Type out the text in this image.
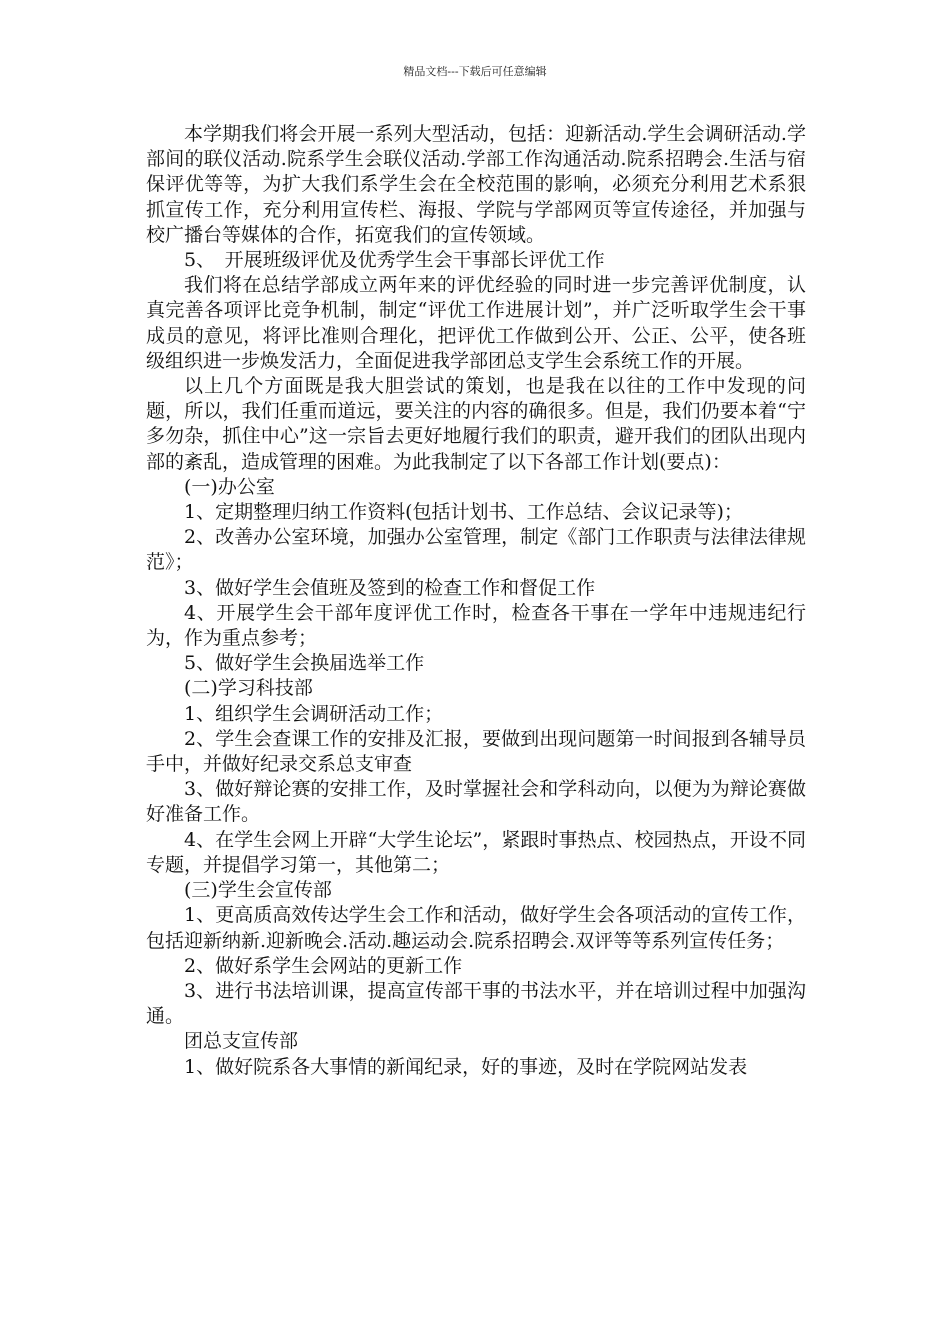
精品文档---下载后可任意编辑

本学期我们将会开展一系列大型活动，包括：迎新活动.学生会调研活动.学部间的联仪活动.院系学生会联仪活动.学部工作沟通活动.院系招聘会.生活与宿保评优等等，为扩大我们系学生会在全校范围的影响，必须充分利用艺术系狠抓宣传工作，充分利用宣传栏、海报、学院与学部网页等宣传途径，并加强与校广播台等媒体的合作，拓宽我们的宣传领域。

5、　开展班级评优及优秀学生会干事部长评优工作

我们将在总结学部成立两年来的评优经验的同时进一步完善评优制度，认真完善各项评比竞争机制，制定“评优工作进展计划”，并广泛听取学生会干事成员的意见，将评比准则合理化，把评优工作做到公开、公正、公平，使各班级组织进一步焕发活力，全面促进我学部团总支学生会系统工作的开展。

以上几个方面既是我大胆尝试的策划，也是我在以往的工作中发现的问题，所以，我们任重而道远，要关注的内容的确很多。但是，我们仍要本着“宁多勿杂，抓住中心”这一宗旨去更好地履行我们的职责，避开我们的团队出现内部的紊乱，造成管理的困难。为此我制定了以下各部工作计划(要点)：

(一)办公室

1、定期整理归纳工作资料(包括计划书、工作总结、会议记录等)；

2、改善办公室环境，加强办公室管理，制定《部门工作职责与法律法律规范》；

3、做好学生会值班及签到的检查工作和督促工作

4、开展学生会干部年度评优工作时，检查各干事在一学年中违规违纪行为，作为重点参考；

5、做好学生会换届选举工作

(二)学习科技部

1、组织学生会调研活动工作；

2、学生会查课工作的安排及汇报，要做到出现问题第一时间报到各辅导员手中，并做好纪录交系总支审查

3、做好辩论赛的安排工作，及时掌握社会和学科动向，以便为为辩论赛做好准备工作。

4、在学生会网上开辟“大学生论坛”，紧跟时事热点、校园热点，开设不同专题，并提倡学习第一，其他第二；

(三)学生会宣传部

1、更高质高效传达学生会工作和活动，做好学生会各项活动的宣传工作，包括迎新纳新.迎新晚会.活动.趣运动会.院系招聘会.双评等等系列宣传任务；

2、做好系学生会网站的更新工作

3、进行书法培训课，提高宣传部干事的书法水平，并在培训过程中加强沟通。

团总支宣传部

1、做好院系各大事情的新闻纪录，好的事迹，及时在学院网站发表
